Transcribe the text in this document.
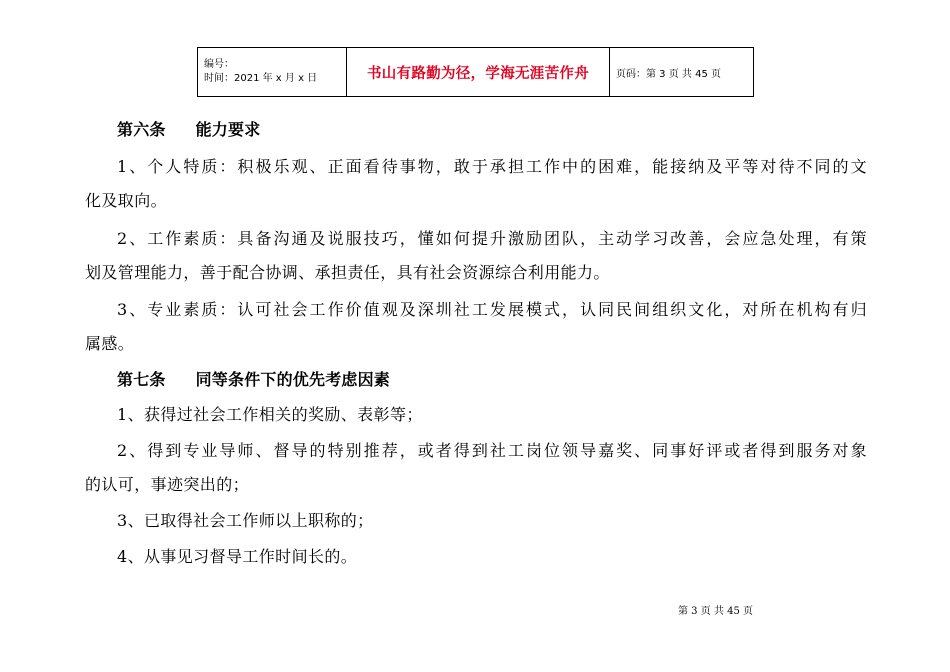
编号：
时间：2021 年 x 月 x 日	书山有路勤为径，学海无涯苦作舟	页码：第 3 页 共 45 页
第六条 能力要求
1、个人特质：积极乐观、正面看待事物，敢于承担工作中的困难，能接纳及平等对待不同的文
化及取向。
2、工作素质：具备沟通及说服技巧，懂如何提升激励团队，主动学习改善，会应急处理，有策
划及管理能力，善于配合协调、承担责任，具有社会资源综合利用能力。
3、专业素质：认可社会工作价值观及深圳社工发展模式，认同民间组织文化，对所在机构有归
属感。
第七条 同等条件下的优先考虑因素
1、获得过社会工作相关的奖励、表彰等；
2、得到专业导师、督导的特别推荐，或者得到社工岗位领导嘉奖、同事好评或者得到服务对象
的认可，事迹突出的；
3、已取得社会工作师以上职称的；
4、从事见习督导工作时间长的。
第 3 页 共 45 页
